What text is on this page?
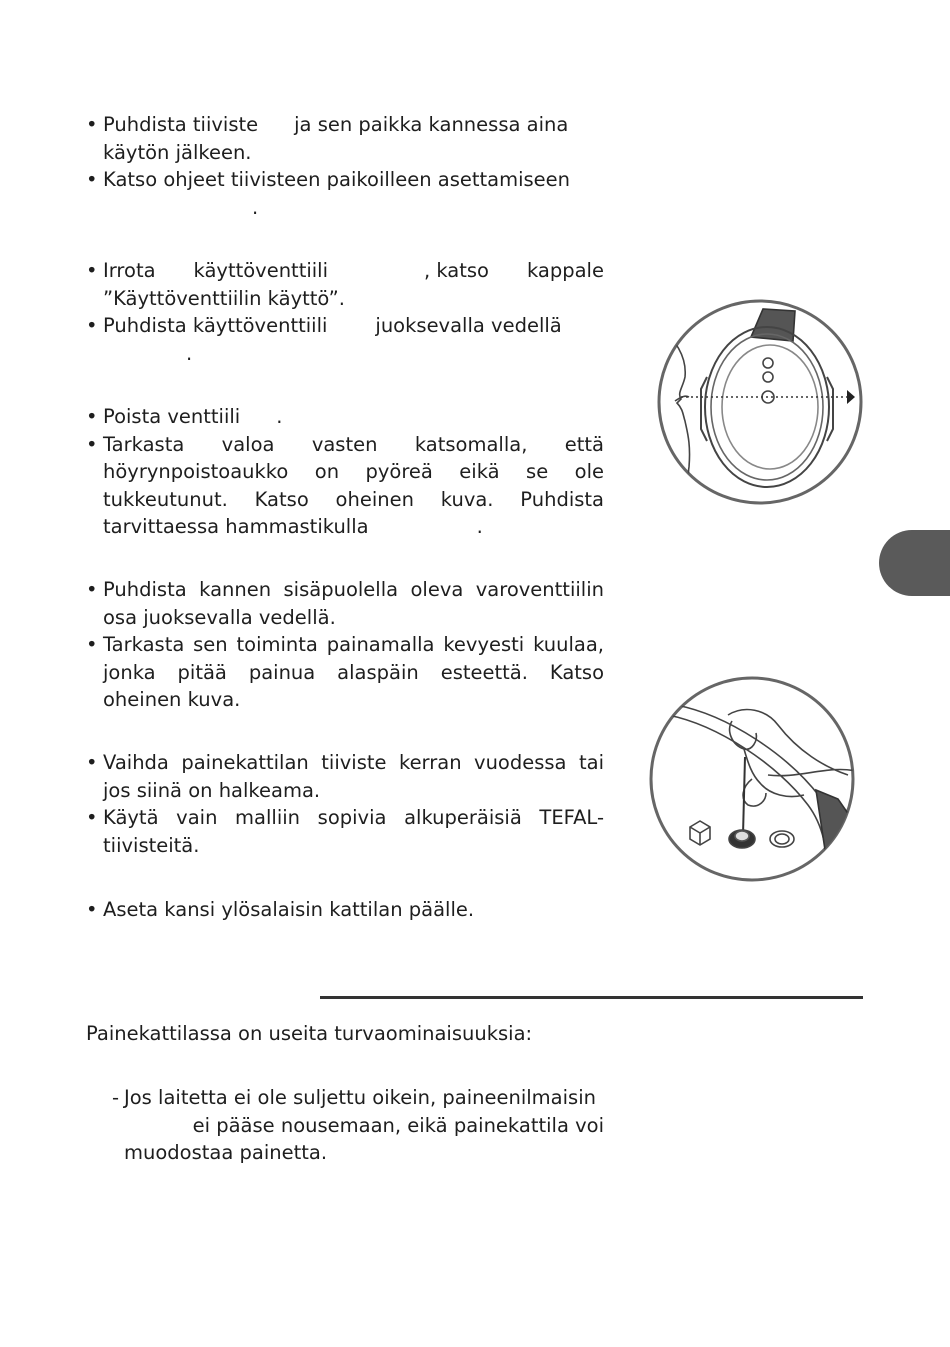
• Puhdista tiiviste ja sen paikka kannessa aina käytön jälkeen.

• Katso ohjeet tiivisteen paikoilleen asettamiseen
.

• Irrota käyttöventtiili	, katso kappale
”Käyttöventtiilin käyttö”.

• Puhdista käyttöventtiili juoksevalla vedellä
.

• Poista venttiili .

• Tarkasta valoa vasten katsomalla, että höyrynpoistoaukko on pyöreä eikä se ole tukkeutunut. Katso oheinen kuva. Puhdista tarvittaessa hammastikulla	.

• Puhdista kannen sisäpuolella oleva varoventtiilin osa juoksevalla vedellä.

• Tarkasta sen toiminta painamalla kevyesti kuulaa, jonka pitää painua alaspäin esteettä. Katso oheinen kuva.

• Vaihda painekattilan tiiviste kerran vuodessa tai jos siinä on halkeama.

• Käytä vain malliin sopivia alkuperäisiä TEFAL-tiivisteitä.

• Aseta kansi ylösalaisin kattilan päälle.

Painekattilassa on useita turvaominaisuuksia:

- Jos laitetta ei ole suljettu oikein, paineenilmaisin
ei pääse nousemaan, eikä painekattila voi
muodostaa painetta.
